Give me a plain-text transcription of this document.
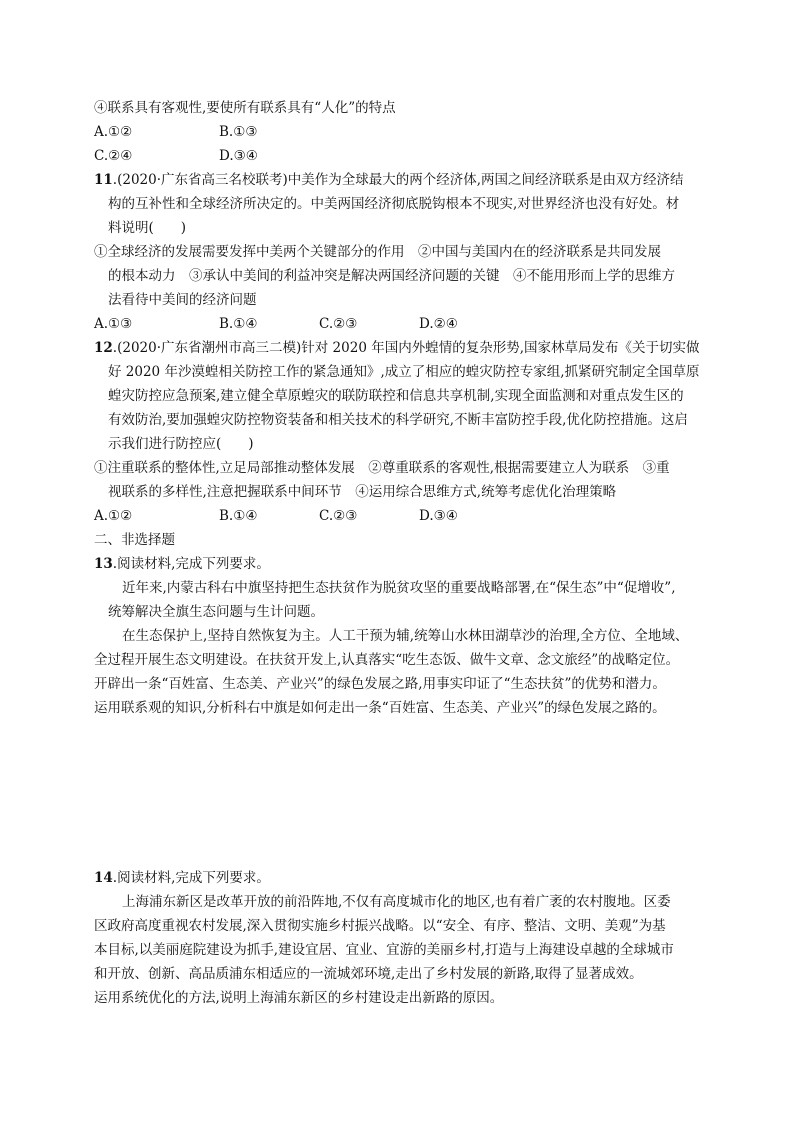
④联系具有客观性,要使所有联系具有“人化”的特点
A.①②	B.①③
C.②④	D.③④
11.(2020·广东省高三名校联考)中美作为全球最大的两个经济体,两国之间经济联系是由双方经济结
构的互补性和全球经济所决定的。中美两国经济彻底脱钩根本不现实,对世界经济也没有好处。材
料说明(　　)
①全球经济的发展需要发挥中美两个关键部分的作用　②中国与美国内在的经济联系是共同发展
的根本动力　③承认中美间的利益冲突是解决两国经济问题的关键　④不能用形而上学的思维方
法看待中美间的经济问题
A.①③	B.①④	C.②③	D.②④
12.(2020·广东省潮州市高三二模)针对 2020 年国内外蝗情的复杂形势,国家林草局发布《关于切实做
好 2020 年沙漠蝗相关防控工作的紧急通知》,成立了相应的蝗灾防控专家组,抓紧研究制定全国草原
蝗灾防控应急预案,建立健全草原蝗灾的联防联控和信息共享机制,实现全面监测和对重点发生区的
有效防治,要加强蝗灾防控物资装备和相关技术的科学研究,不断丰富防控手段,优化防控措施。这启
示我们进行防控应(　　)
①注重联系的整体性,立足局部推动整体发展　②尊重联系的客观性,根据需要建立人为联系　③重
视联系的多样性,注意把握联系中间环节　④运用综合思维方式,统筹考虑优化治理策略
A.①②	B.①④	C.②③	D.③④
二、非选择题
13.阅读材料,完成下列要求。
近年来,内蒙古科右中旗坚持把生态扶贫作为脱贫攻坚的重要战略部署,在“保生态”中“促增收”,
统筹解决全旗生态问题与生计问题。
在生态保护上,坚持自然恢复为主。人工干预为辅,统筹山水林田湖草沙的治理,全方位、全地域、
全过程开展生态文明建设。在扶贫开发上,认真落实“吃生态饭、做牛文章、念文旅经”的战略定位。
开辟出一条“百姓富、生态美、产业兴”的绿色发展之路,用事实印证了“生态扶贫”的优势和潜力。
运用联系观的知识,分析科右中旗是如何走出一条“百姓富、生态美、产业兴”的绿色发展之路的。
14.阅读材料,完成下列要求。
上海浦东新区是改革开放的前沿阵地,不仅有高度城市化的地区,也有着广袤的农村腹地。区委
区政府高度重视农村发展,深入贯彻实施乡村振兴战略。以“安全、有序、整洁、文明、美观”为基
本目标,以美丽庭院建设为抓手,建设宜居、宜业、宜游的美丽乡村,打造与上海建设卓越的全球城市
和开放、创新、高品质浦东相适应的一流城郊环境,走出了乡村发展的新路,取得了显著成效。
运用系统优化的方法,说明上海浦东新区的乡村建设走出新路的原因。
